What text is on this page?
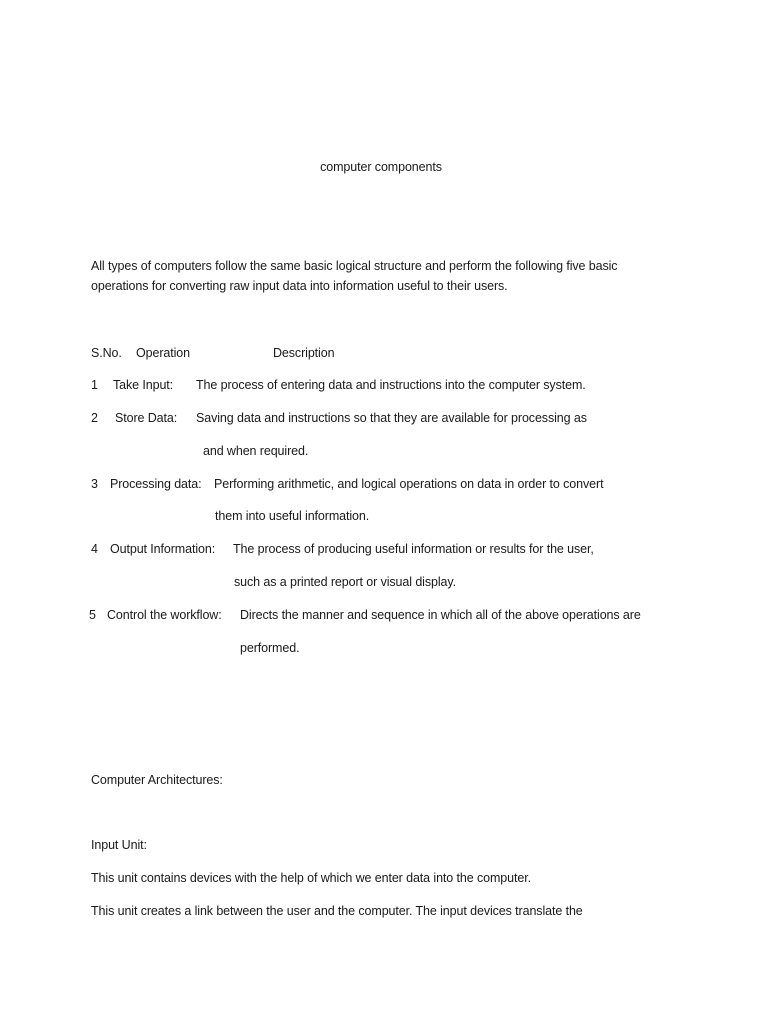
computer components
All types of computers follow the same basic logical structure and perform the following five basic
operations for converting raw input data into information useful to their users.
S.No. Operation	Description
1 Take Input: The process of entering data and instructions into the computer system.
2 Store Data: Saving data and instructions so that they are available for processing as
and when required.
3 Processing data: Performing arithmetic, and logical operations on data in order to convert
them into useful information.
4 Output Information: The process of producing useful information or results for the user,
such as a printed report or visual display.
5 Control the workflow: Directs the manner and sequence in which all of the above operations are
performed.
Computer Architectures:
Input Unit:
This unit contains devices with the help of which we enter data into the computer.
This unit creates a link between the user and the computer. The input devices translate the
